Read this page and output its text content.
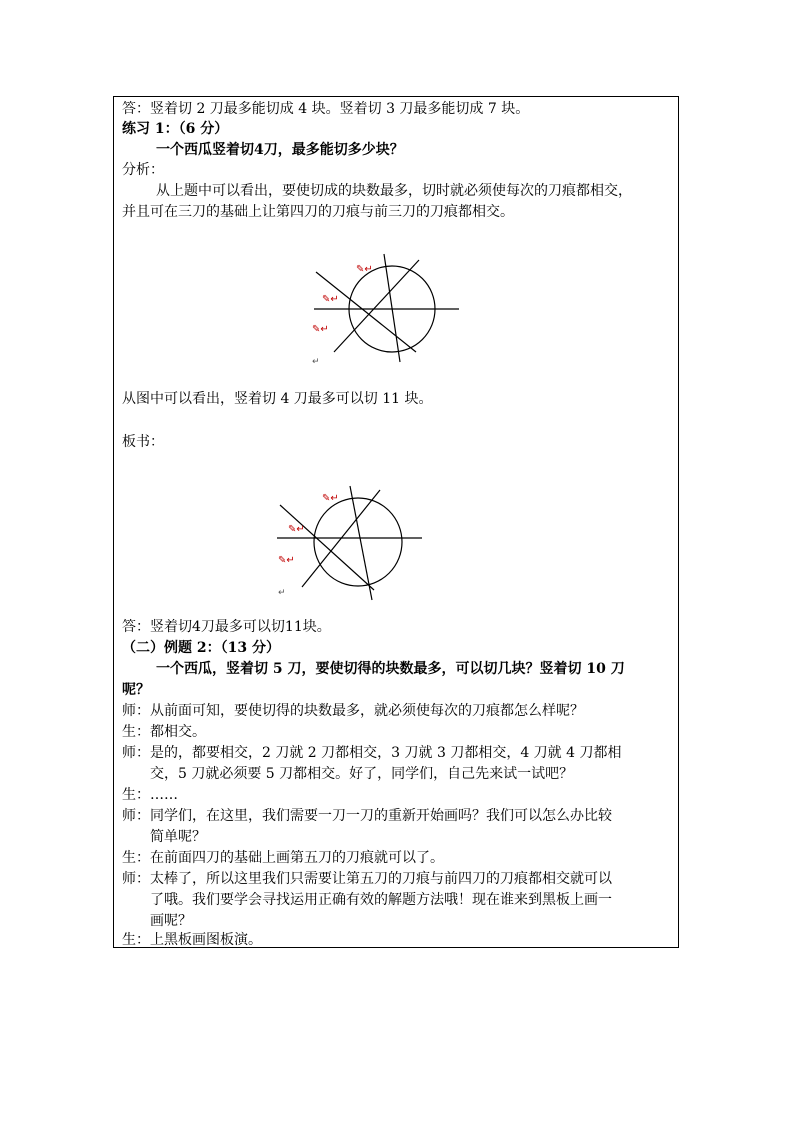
答：竖着切 2 刀最多能切成 4 块。竖着切 3 刀最多能切成 7 块。
练习 1：（6 分）
一个西瓜竖着切4刀，最多能切多少块？
分析：
从上题中可以看出，要使切成的块数最多，切时就必须使每次的刀痕都相交，
并且可在三刀的基础上让第四刀的刀痕与前三刀的刀痕都相交。
✎↵
✎↵
✎↵
↵
从图中可以看出，竖着切 4 刀最多可以切 11 块。
板书：
✎↵
✎↵
✎↵
↵
答：竖着切4刀最多可以切11块。
（二）例题 2：（13 分）
一个西瓜，竖着切 5 刀，要使切得的块数最多，可以切几块？竖着切 10 刀
呢？
师：从前面可知，要使切得的块数最多，就必须使每次的刀痕都怎么样呢？
生：都相交。
师：是的，都要相交，2 刀就 2 刀都相交，3 刀就 3 刀都相交，4 刀就 4 刀都相
交，5 刀就必须要 5 刀都相交。好了，同学们，自己先来试一试吧？
生：……
师：同学们，在这里，我们需要一刀一刀的重新开始画吗？我们可以怎么办比较
简单呢？
生：在前面四刀的基础上画第五刀的刀痕就可以了。
师：太棒了，所以这里我们只需要让第五刀的刀痕与前四刀的刀痕都相交就可以
了哦。我们要学会寻找运用正确有效的解题方法哦！现在谁来到黑板上画一
画呢？
生：上黑板画图板演。
